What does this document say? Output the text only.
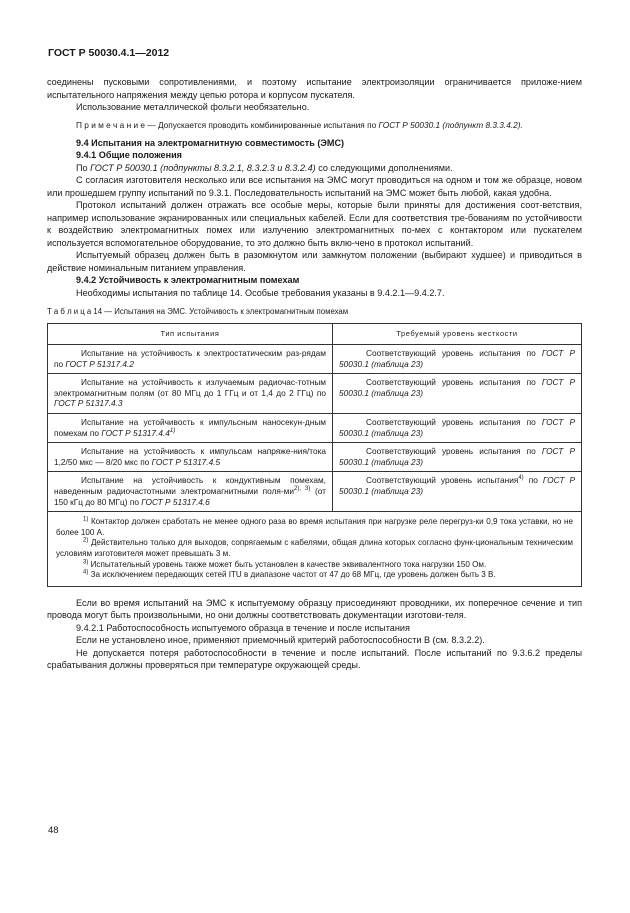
ГОСТ Р 50030.4.1—2012

соединены пусковыми сопротивлениями, и поэтому испытание электроизоляции ограничивается приложе-нием испытательного напряжения между цепью ротора и корпусом пускателя.

Использование металлической фольги необязательно.

П р и м е ч а н и е — Допускается проводить комбинированные испытания по ГОСТ Р 50030.1 (подпункт 8.3.3.4.2).

9.4 Испытания на электромагнитную совместимость (ЭМС)

9.4.1 Общие положения

По ГОСТ Р 50030.1 (подпункты 8.3.2.1, 8.3.2.3 и 8.3.2.4) со следующими дополнениями.

С согласия изготовителя несколько или все испытания на ЭМС могут проводиться на одном и том же образце, новом или прошедшем группу испытаний по 9.3.1. Последовательность испытаний на ЭМС может быть любой, какая удобна.

Протокол испытаний должен отражать все особые меры, которые были приняты для достижения соот-ветствия, например использование экранированных или специальных кабелей. Если для соответствия тре-бованиям по устойчивости к воздействию электромагнитных помех или излучению электромагнитных по-мех с контактором или пускателем используется вспомогательное оборудование, то это должно быть вклю-чено в протокол испытаний.

Испытуемый образец должен быть в разомкнутом или замкнутом положении (выбирают худшее) и приводиться в действие номинальным питанием управления.

9.4.2 Устойчивость к электромагнитным помехам

Необходимы испытания по таблице 14. Особые требования указаны в 9.4.2.1—9.4.2.7.

Т а б л и ц а 14 — Испытания на ЭМС. Устойчивость к электромагнитным помехам

Тип испытания	Требуемый уровень жесткости

Испытание на устойчивость к электростатическим раз-рядам по ГОСТ Р 51317.4.2	Соответствующий уровень испытания по ГОСТ Р 50030.1 (таблица 23)

Испытание на устойчивость к излучаемым радиочас-тотным электромагнитным полям (от 80 МГц до 1 ГГц и от 1,4 до 2 ГГц) по ГОСТ Р 51317.4.3	Соответствующий уровень испытания по ГОСТ Р 50030.1 (таблица 23)

Испытание на устойчивость к импульсным наносекун-дным помехам по ГОСТ Р 51317.4.4$^{1)}$	Соответствующий уровень испытания по ГОСТ Р 50030.1 (таблица 23)

Испытание на устойчивость к импульсам напряже-ния/тока 1,2/50 мкс — 8/20 мкс по ГОСТ Р 51317.4.5	Соответствующий уровень испытания по ГОСТ Р 50030.1 (таблица 23)

Испытание на устойчивость к кондуктивным помехам, наведенным радиочастотными электромагнитными поля-$ми^{2), 3)}$ (от 150 кГц до 80 МГц) по ГОСТ Р 51317.4.6	Соответствующий уровень испытания$^{4)}$ по ГОСТ Р 50030.1 (таблица 23)

$^{1)}$ Контактор должен сработать не менее одного раза во время испытания при нагрузке реле перегруз-ки 0,9 тока уставки, но не более 100 А.

$^{2)}$ Действительно только для выходов, сопрягаемым с кабелями, общая длина которых согласно функ-циональным техническим условиям изготовителя может превышать 3 м.

$^{3)}$ Испытательный уровень также может быть установлен в качестве эквивалентного тока нагрузки 150 Ом.

$^{4)}$ За исключением передающих сетей ITU в диапазоне частот от 47 до 68 МГц, где уровень должен быть 3 В.	

Если во время испытаний на ЭМС к испытуемому образцу присоединяют проводники, их поперечное сечение и тип провода могут быть произвольными, но они должны соответствовать документации изготови-теля.

9.4.2.1 Работоспособность испытуемого образца в течение и после испытания

Если не установлено иное, применяют приемочный критерий работоспособности В (см. 8.3.2.2).

Не допускается потеря работоспособности в течение и после испытаний. После испытаний по 9.3.6.2 пределы срабатывания должны проверяться при температуре окружающей среды.

48
